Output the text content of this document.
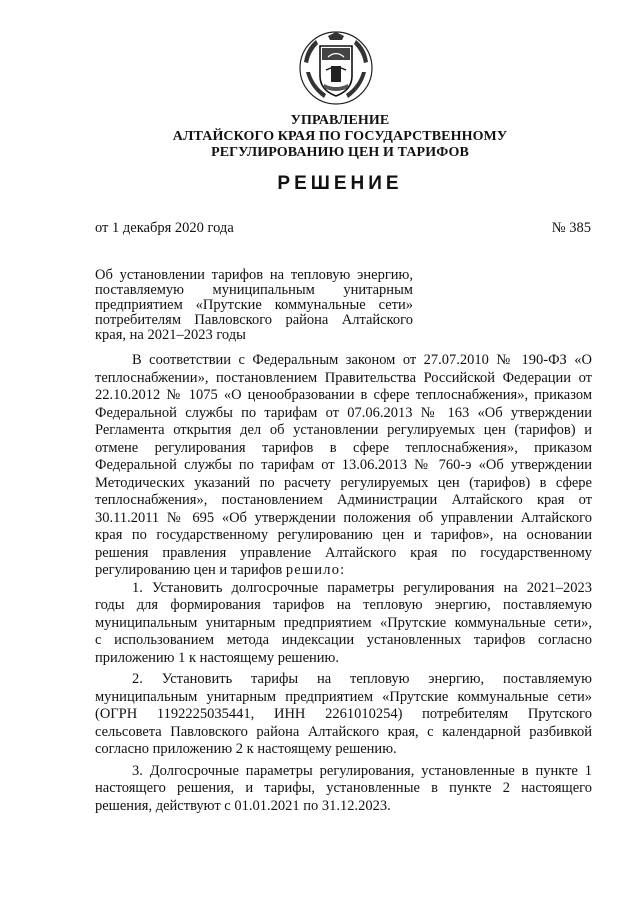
УПРАВЛЕНИЕ
АЛТАЙСКОГО КРАЯ ПО ГОСУДАРСТВЕННОМУ
РЕГУЛИРОВАНИЮ ЦЕН И ТАРИФОВ
РЕШЕНИЕ
от 1 декабря 2020 года	№ 385
Об установлении тарифов на тепловую энергию,
поставляемую муниципальным унитарным
предприятием «Прутские коммунальные сети»
потребителям Павловского района Алтайского
края, на 2021–2023 годы
В соответствии с Федеральным законом от 27.07.2010 № 190-ФЗ «О
теплоснабжении», постановлением Правительства Российской Федерации от
22.10.2012 № 1075 «О ценообразовании в сфере теплоснабжения», приказом
Федеральной службы по тарифам от 07.06.2013 № 163 «Об утверждении
Регламента открытия дел об установлении регулируемых цен (тарифов) и
отмене регулирования тарифов в сфере теплоснабжения», приказом
Федеральной службы по тарифам от 13.06.2013 № 760-э «Об утверждении
Методических указаний по расчету регулируемых цен (тарифов) в сфере
теплоснабжения», постановлением Администрации Алтайского края от
30.11.2011 № 695 «Об утверждении положения об управлении Алтайского
края по государственному регулированию цен и тарифов», на основании
решения правления управление Алтайского края по государственному
регулированию цен и тарифов решило:
1. Установить долгосрочные параметры регулирования на 2021–2023
годы для формирования тарифов на тепловую энергию, поставляемую
муниципальным унитарным предприятием «Прутские коммунальные сети»,
с использованием метода индексации установленных тарифов согласно
приложению 1 к настоящему решению.
2. Установить тарифы на тепловую энергию, поставляемую
муниципальным унитарным предприятием «Прутские коммунальные сети»
(ОГРН 1192225035441, ИНН 2261010254) потребителям Прутского
сельсовета Павловского района Алтайского края, с календарной разбивкой
согласно приложению 2 к настоящему решению.
3. Долгосрочные параметры регулирования, установленные в пункте 1
настоящего решения, и тарифы, установленные в пункте 2 настоящего
решения, действуют с 01.01.2021 по 31.12.2023.
